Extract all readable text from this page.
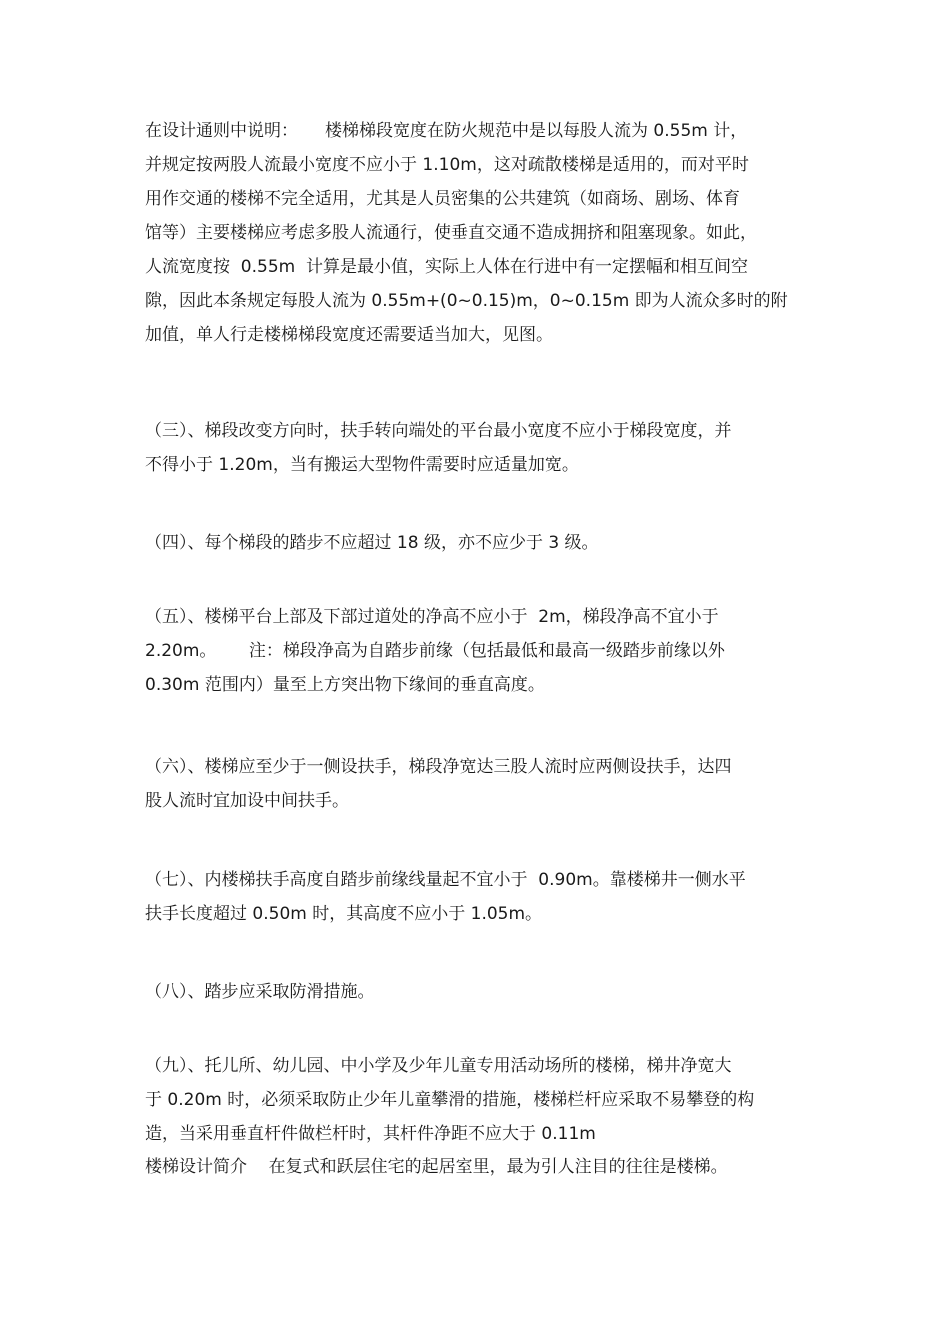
在设计通则中说明：     楼梯梯段宽度在防火规范中是以每股人流为 0.55m 计，
并规定按两股人流最小宽度不应小于 1.10m，这对疏散楼梯是适用的，而对平时
用作交通的楼梯不完全适用，尤其是人员密集的公共建筑（如商场、剧场、体育
馆等）主要楼梯应考虑多股人流通行，使垂直交通不造成拥挤和阻塞现象。如此，
人流宽度按  0.55m  计算是最小值，实际上人体在行进中有一定摆幅和相互间空
隙，因此本条规定每股人流为 0.55m+(0~0.15)m，0~0.15m 即为人流众多时的附
加值，单人行走楼梯梯段宽度还需要适当加大，见图。
（三）、梯段改变方向时，扶手转向端处的平台最小宽度不应小于梯段宽度，并
不得小于 1.20m，当有搬运大型物件需要时应适量加宽。
（四）、每个梯段的踏步不应超过 18 级，亦不应少于 3 级。
（五）、楼梯平台上部及下部过道处的净高不应小于  2m，梯段净高不宜小于
2.20m。      注：梯段净高为自踏步前缘（包括最低和最高一级踏步前缘以外
0.30m 范围内）量至上方突出物下缘间的垂直高度。
（六）、楼梯应至少于一侧设扶手，梯段净宽达三股人流时应两侧设扶手，达四
股人流时宜加设中间扶手。
（七）、内楼梯扶手高度自踏步前缘线量起不宜小于  0.90m。靠楼梯井一侧水平
扶手长度超过 0.50m 时，其高度不应小于 1.05m。
（八）、踏步应采取防滑措施。
（九）、托儿所、幼儿园、中小学及少年儿童专用活动场所的楼梯，梯井净宽大
于 0.20m 时，必须采取防止少年儿童攀滑的措施，楼梯栏杆应采取不易攀登的构
造，当采用垂直杆件做栏杆时，其杆件净距不应大于 0.11m
楼梯设计简介    在复式和跃层住宅的起居室里，最为引人注目的往往是楼梯。
